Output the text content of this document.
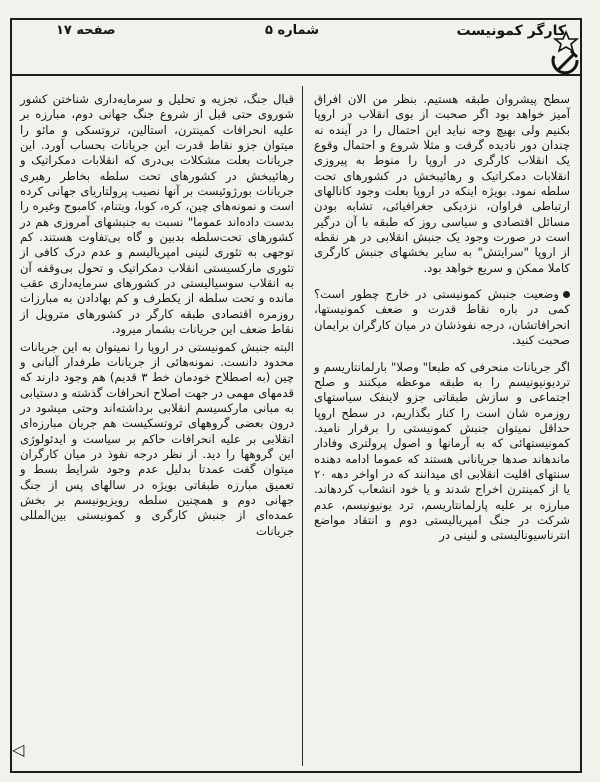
کارگر کمونیست
شماره ۵
صفحه ۱۷

سطح پیشروان طبقه هستیم. بنظر من الان افراق آمیز خواهد بود اگر صحبت از بوی انقلاب در اروپا بکنیم ولی بهیچ وجه نباید این احتمال را در آینده نه چندان دور نادیده گرفت و مثلا شروع و احتمال وقوع یک انقلاب کارگری در اروپا را منوط به پیروزی انقلابات دمکراتیک و رهائیبخش در کشورهای تحت سلطه نمود. بویژه اینکه در اروپا بعلت وجود کانالهای ارتباطی فراوان، نزدیکی جغرافیائی، تشابه بودن مسائل اقتصادی و سیاسی روز که طبقه با آن درگیر است در صورت وجود یک جنبش انقلابی در هر نقطه از اروپا "سرایتش" به سایر بخشهای جنبش کارگری کاملا ممکن و سریع خواهد بود.

وضعیت جنبش کمونیستی در خارج چطور است؟ کمی در باره نقاط قدرت و ضعف کمونیستها، انحرافاتشان، درجه نفوذشان در میان کارگران برایمان صحبت کنید.

اگر جریانات منحرفی که طبعا" وصلا" بارلمانتاریسم و تردیونیونیسم را به طبقه موعظه میکنند و صلح اجتماعی و سازش طبقاتی جزو لاینفک سیاستهای روزمره شان است را کنار بگذاریم، در سطح اروپا حداقل نمیتوان جنبش کمونیستی را برقرار نامید. کمونیستهائی که به آرمانها و اصول پرولتری وفادار ماندهاند صدها جریانانی هستند که عموما ادامه دهنده سنتهای اقلیت انقلابی ای میدانند که در اواخر دهه ۲۰ یا از کمینترن اخراج شدند و یا خود انشعاب کردهاند. مبارزه بر علیه پارلمانتاریسم، ترد یونیونیسم، عدم شرکت در جنگ امپریالیستی دوم و انتقاد مواضع انترناسیونالیستی و لنینی در

قبال جنگ، تجزیه و تحلیل و سرمایه‌داری شناختن کشور شوروی حتی قبل از شروع جنگ جهانی دوم، مبارزه بر علیه انحرافات کمینترن، استالین، تروتسکی و مائو را میتوان جزو نقاط قدرت این جریانات بحساب آورد. این جریانات بعلت مشکلات بی‌دری که انقلابات دمکراتیک و رهائیبخش در کشورهای تحت سلطه بخاطر رهبری جریانات بورژوئیست بر آنها نصیب پرولتاریای جهانی کرده است و نمونه‌های چین، کره، کوبا، ویتنام، کامبوج وغیره را بدست داده‌اند عموما" نسبت به جنبشهای آمروزی هم در کشورهای تحت‌سلطه بدبین و گاه بی‌تفاوت هستند. کم توجهی به تئوری لنینی امپریالیسم و عدم درک کافی از تئوری مارکسیستی انقلاب دمکراتیک و تحول بی‌وقفه آن به انقلاب سوسیالیستی در کشورهای سرمایه‌داری عقب مانده و تحت سلطه از یکطرف و کم بهاداد‌ن به مبارزات روزمره اقتصادی طبقه کارگر در کشورهای متروپل از نقاط ضعف این جریانات بشمار میرود.

البته جنبش کمونیستی در اروپا را نمیتوان به این جریانات محدود دانست. نمونه‌هائی از جریانات طرفدار آلبانی و چین (به اصطلاح خودمان خط ۳ قدیم) هم وجود دارند که قدمهای مهمی در جهت اصلاح انحرافات گذشته و دستیابی به مبانی مارکسیسم انقلابی برداشته‌اند وحتی میشود در درون بعضی گروههای تروتسکیست هم جریان مبارزه‌ای انقلابی بر علیه انحرافات حاکم بر سیاست و ایدئولوژی این گروهها را دید. از نظر درجه نفوذ در میان کارگران میتوان گفت عمدتا بدلیل عدم وجود شرایط بسط و تعمیق مبارزه طبقاتی بویژه در سالهای پس از جنگ جهانی دوم و همچنین سلطه رویزیونیسم بر بخش عمده‌ای از جنبش کارگری و کمونیستی بین‌المللی جریانات

◁
